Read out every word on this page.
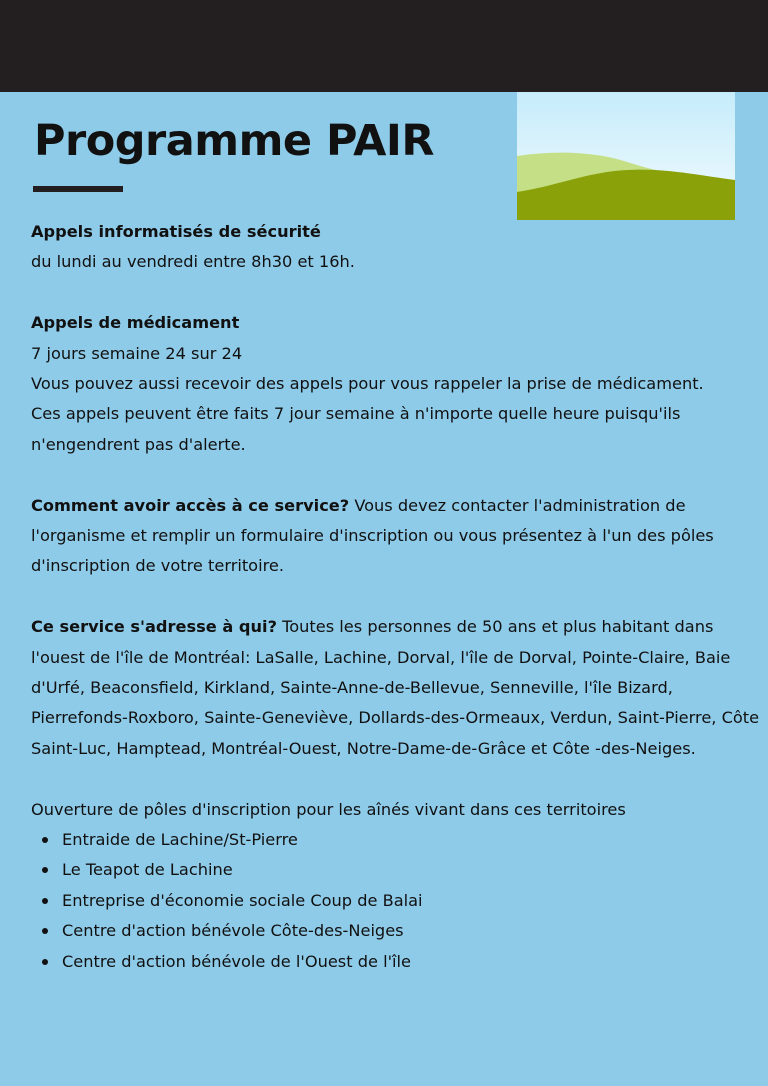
Programme PAIR

Appels informatisés de sécurité
du lundi au vendredi entre 8h30 et 16h.

Appels de médicament
7 jours semaine 24 sur 24
Vous pouvez aussi recevoir des appels pour vous rappeler la prise de médicament.
Ces appels peuvent être faits 7 jour semaine à n'importe quelle heure puisqu'ils n'engendrent pas d'alerte.

Comment avoir accès à ce service? Vous devez contacter l'administration de l'organisme et remplir un formulaire d'inscription ou vous présentez à l'un des pôles d'inscription de votre territoire.

Ce service s'adresse à qui? Toutes les personnes de 50 ans et plus habitant dans l'ouest de l'île de Montréal: LaSalle, Lachine, Dorval, l'île de Dorval, Pointe-Claire, Baie d'Urfé, Beaconsfield, Kirkland, Sainte-Anne-de-Bellevue, Senneville, l'île Bizard, Pierrefonds-Roxboro, Sainte-Geneviève, Dollards-des-Ormeaux, Verdun, Saint-Pierre, Côte Saint-Luc, Hamptead, Montréal-Ouest, Notre-Dame-de-Grâce et Côte -des-Neiges.

Ouverture de pôles d'inscription pour les aînés vivant dans ces territoires
Entraide de Lachine/St-Pierre
Le Teapot de Lachine
Entreprise d'économie sociale Coup de Balai
Centre d'action bénévole Côte-des-Neiges
Centre d'action bénévole de l'Ouest de l'île
